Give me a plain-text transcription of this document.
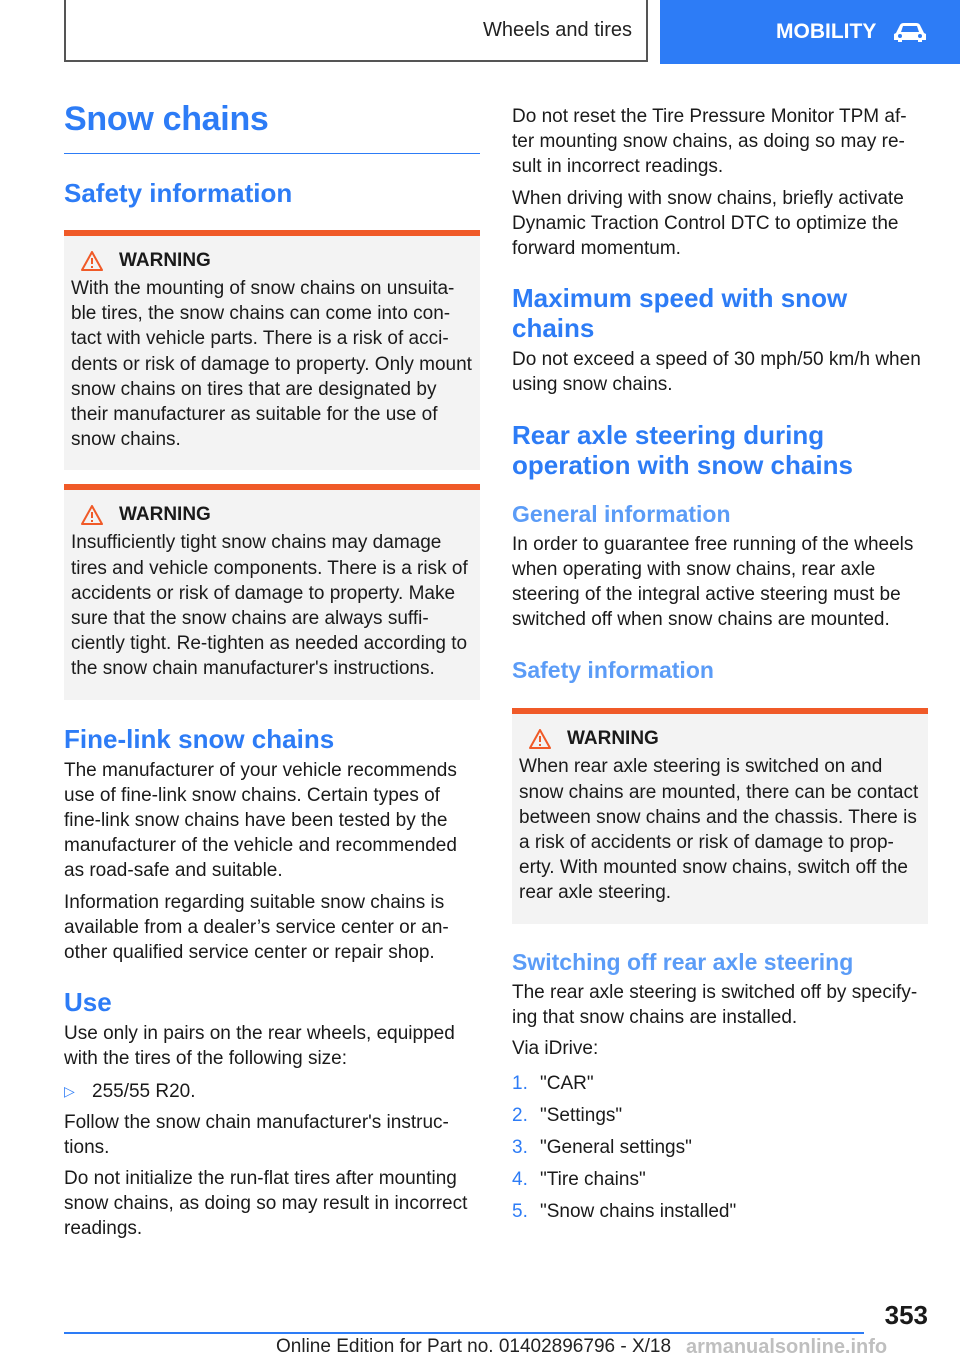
Wheels and tires	MOBILITY
Snow chains
Safety information
WARNING

With the mounting of snow chains on unsuita‐ble tires, the snow chains can come into con‐tact with vehicle parts. There is a risk of acci‐dents or risk of damage to property. Only mount snow chains on tires that are designated by their manufacturer as suitable for the use of snow chains.

WARNING

Insufficiently tight snow chains may damage tires and vehicle components. There is a risk of accidents or risk of damage to property. Make sure that the snow chains are always suffi‐ciently tight. Re-tighten as needed according to the snow chain manufacturer's instructions.

Fine-link snow chains

The manufacturer of your vehicle recommends use of fine-link snow chains. Certain types of fine-link snow chains have been tested by the manufacturer of the vehicle and recommended as road-safe and suitable.

Information regarding suitable snow chains is available from a dealer’s service center or an‐other qualified service center or repair shop.

Use

Use only in pairs on the rear wheels, equipped with the tires of the following size:

▷ 255/55 R20.

Follow the snow chain manufacturer's instruc‐tions.

Do not initialize the run-flat tires after mounting snow chains, as doing so may result in incorrect readings.

Do not reset the Tire Pressure Monitor TPM af‐ter mounting snow chains, as doing so may re‐sult in incorrect readings.

When driving with snow chains, briefly activate Dynamic Traction Control DTC to optimize the forward momentum.

Maximum speed with snow chains

Do not exceed a speed of 30 mph/50 km/h when using snow chains.

Rear axle steering during operation with snow chains
General information

In order to guarantee free running of the wheels when operating with snow chains, rear axle steering of the integral active steering must be switched off when snow chains are mounted.

Safety information
WARNING

When rear axle steering is switched on and snow chains are mounted, there can be contact between snow chains and the chassis. There is a risk of accidents or risk of damage to prop‐erty. With mounted snow chains, switch off the rear axle steering.

Switching off rear axle steering

The rear axle steering is switched off by specify‐ing that snow chains are installed.

Via iDrive:

1. "CAR"
2. "Settings"
3. "General settings"
4. "Tire chains"
5. "Snow chains installed"
353
Online Edition for Part no. 01402896796 - X/18 armanualsonline.info
